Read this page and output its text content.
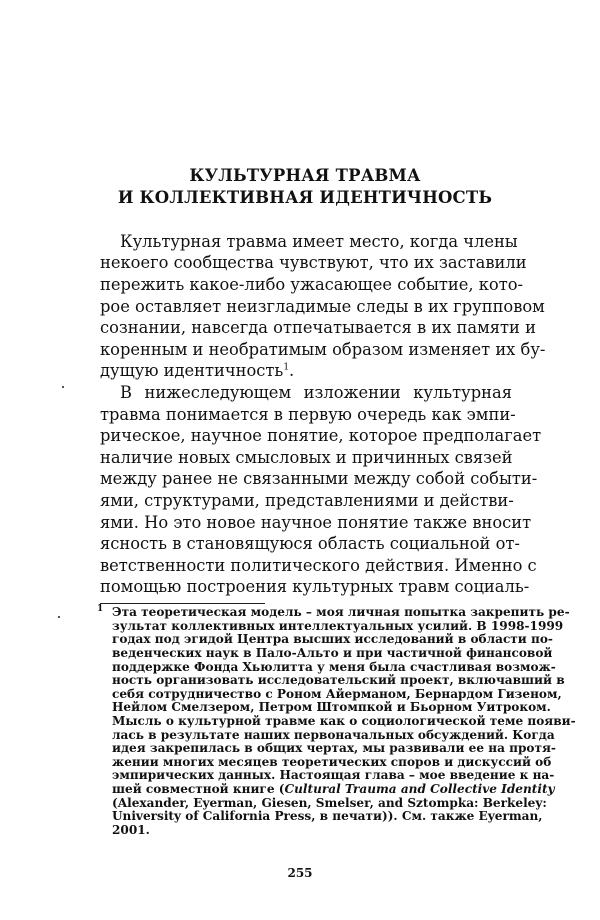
КУЛЬТУРНАЯ ТРАВМА
И КОЛЛЕКТИВНАЯ ИДЕНТИЧНОСТЬ
Культурная травма имеет место, когда члены
некоего сообщества чувствуют, что их заставили
пережить какое-либо ужасающее событие, кото-
рое оставляет неизгладимые следы в их групповом
сознании, навсегда отпечатывается в их памяти и
коренным и необратимым образом изменяет их бу-
дущую идентичность$^1$.
В нижеследующем изложении культурная
травма понимается в первую очередь как эмпи-
рическое, научное понятие, которое предполагает
наличие новых смысловых и причинных связей
между ранее не связанными между собой событи-
ями, структурами, представлениями и действи-
ями. Но это новое научное понятие также вносит
ясность в становящуюся область социальной от-
ветственности политического действия. Именно с
помощью построения культурных травм социаль-
1 Эта теоретическая модель – моя личная попытка закрепить ре-
зультат коллективных интеллектуальных усилий. В 1998-1999
годах под эгидой Центра высших исследований в области по-
веденческих наук в Пало-Альто и при частичной финансовой
поддержке Фонда Хьюлитта у меня была счастливая возмож-
ность организовать исследовательский проект, включавший в
себя сотрудничество с Роном Айерманом, Бернардом Гизеном,
Нейлом Смелзером, Петром Штомпкой и Бьорном Уитроком.
Мысль о культурной травме как о социологической теме появи-
лась в результате наших первоначальных обсуждений. Когда
идея закрепилась в общих чертах, мы развивали ее на протя-
жении многих месяцев теоретических споров и дискуссий об
эмпирических данных. Настоящая глава – мое введение к на-
шей совместной книге (Cultural Trauma and Collective Identity
(Alexander, Eyerman, Giesen, Smelser, and Sztompka: Berkeley:
University of California Press, в печати)). См. также Eyerman,
2001.
255
